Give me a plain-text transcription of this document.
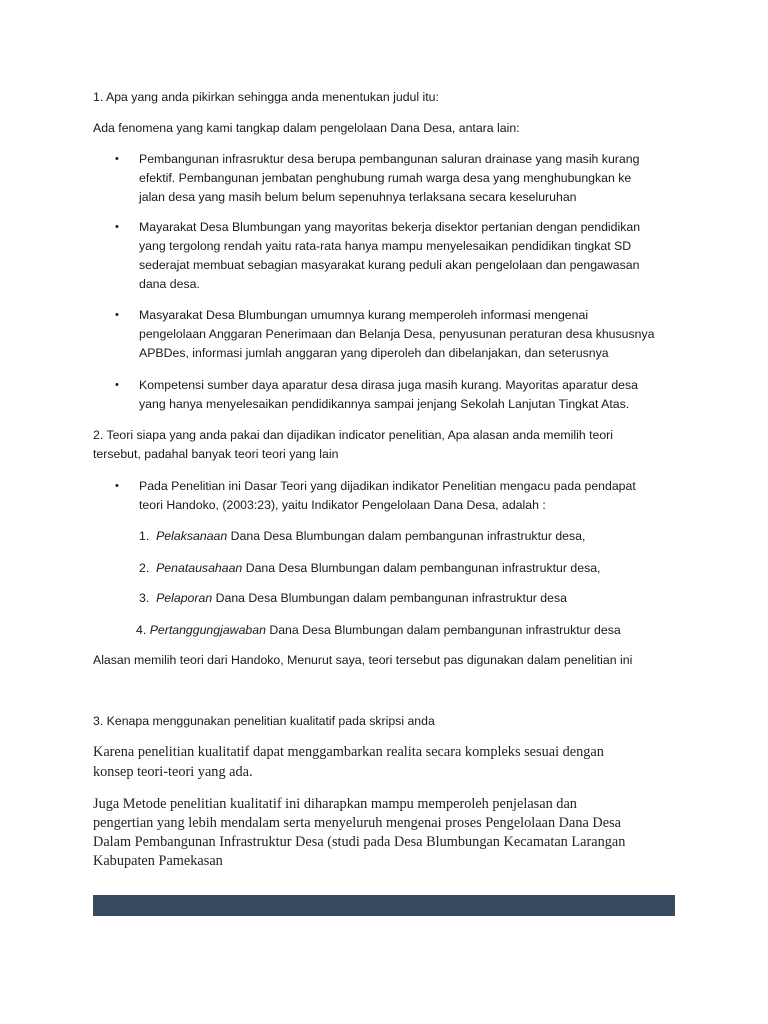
1. Apa yang anda pikirkan sehingga anda menentukan judul itu:

Ada fenomena yang kami tangkap dalam pengelolaan Dana Desa, antara lain:

• Pembangunan infrasruktur desa berupa pembangunan saluran drainase yang masih kurang
efektif. Pembangunan jembatan penghubung rumah warga desa yang menghubungkan ke
jalan desa yang masih belum belum sepenuhnya terlaksana secara keseluruhan

• Mayarakat Desa Blumbungan yang mayoritas bekerja disektor pertanian dengan pendidikan
yang tergolong rendah yaitu rata-rata hanya mampu menyelesaikan pendidikan tingkat SD
sederajat membuat sebagian masyarakat kurang peduli akan pengelolaan dan pengawasan
dana desa.

• Masyarakat Desa Blumbungan umumnya kurang memperoleh informasi mengenai
pengelolaan Anggaran Penerimaan dan Belanja Desa, penyusunan peraturan desa khususnya
APBDes, informasi jumlah anggaran yang diperoleh dan dibelanjakan, dan seterusnya

• Kompetensi sumber daya aparatur desa dirasa juga masih kurang. Mayoritas aparatur desa
yang hanya menyelesaikan pendidikannya sampai jenjang Sekolah Lanjutan Tingkat Atas.

2. Teori siapa yang anda pakai dan dijadikan indicator penelitian, Apa alasan anda memilih teori

tersebut, padahal banyak teori teori yang lain

• Pada Penelitian ini Dasar Teori yang dijadikan indikator Penelitian mengacu pada pendapat
teori Handoko, (2003:23), yaitu Indikator Pengelolaan Dana Desa, adalah :

1. Pelaksanaan Dana Desa Blumbungan dalam pembangunan infrastruktur desa,

2. Penatausahaan Dana Desa Blumbungan dalam pembangunan infrastruktur desa,

3. Pelaporan Dana Desa Blumbungan dalam pembangunan infrastruktur desa

4. Pertanggungjawaban Dana Desa Blumbungan dalam pembangunan infrastruktur desa

Alasan memilih teori dari Handoko, Menurut saya, teori tersebut pas digunakan dalam penelitian ini

3. Kenapa menggunakan penelitian kualitatif pada skripsi anda

Karena penelitian kualitatif dapat menggambarkan realita secara kompleks sesuai dengan

konsep teori-teori yang ada.

Juga Metode penelitian kualitatif ini diharapkan mampu memperoleh penjelasan dan

pengertian yang lebih mendalam serta menyeluruh mengenai proses Pengelolaan Dana Desa

Dalam Pembangunan Infrastruktur Desa (studi pada Desa Blumbungan Kecamatan Larangan

Kabupaten Pamekasan
